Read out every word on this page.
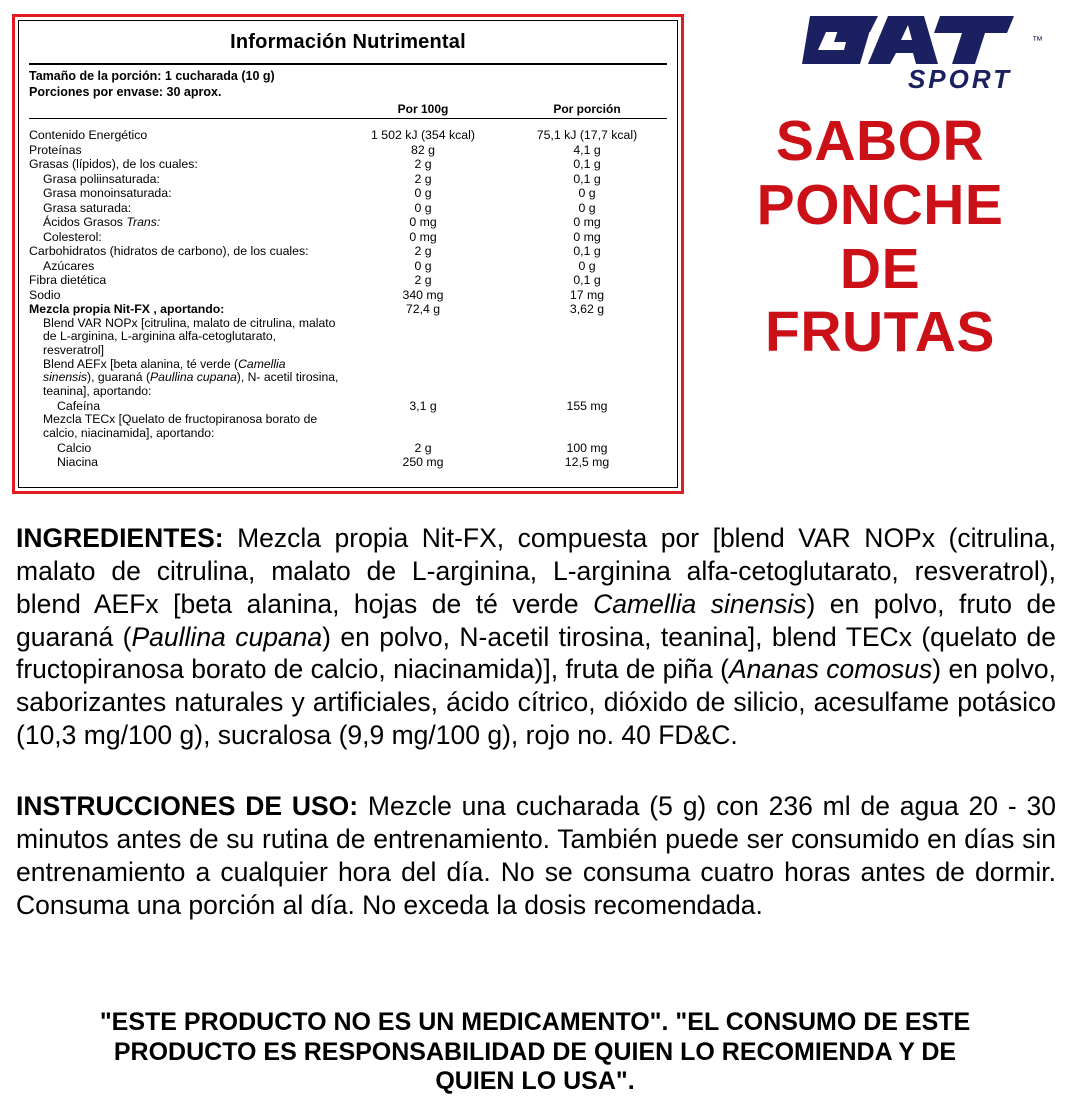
Información Nutrimental
Tamaño de la porción: 1 cucharada (10 g)
Porciones por envase: 30 aprox.
Por 100g	Por porción

Contenido Energético	1 502 kJ (354 kcal)	75,1 kJ (17,7 kcal)
Proteínas	82 g	4,1 g
Grasas (lípidos), de los cuales:	2 g	0,1 g
Grasa poliinsaturada:	2 g	0,1 g
Grasa monoinsaturada:	0 g	0 g
Grasa saturada:	0 g	0 g
Ácidos Grasos Trans:	0 mg	0 mg
Colesterol:	0 mg	0 mg
Carbohidratos (hidratos de carbono), de los cuales:	2 g	0,1 g
Azúcares	0 g	0 g
Fibra dietética	2 g	0,1 g
Sodio	340 mg	17 mg
Mezcla propia Nit-FX , aportando:	72,4 g	3,62 g
Blend VAR NOPx [citrulina, malato de citrulina, malato de L-arginina, L-arginina alfa-cetoglutarato, resveratrol]		
Blend AEFx [beta alanina, té verde (Camellia sinensis), guaraná (Paullina cupana), N- acetil tirosina, teanina], aportando:		
Cafeína	3,1 g	155 mg
Mezcla TECx [Quelato de fructopiranosa borato de calcio, niacinamida], aportando:		
Calcio	2 g	100 mg
Niacina	250 mg	12,5 mg
SPORT
™
SABOR
PONCHE
DE
FRUTAS
INGREDIENTES: Mezcla propia Nit-FX, compuesta por [blend VAR NOPx (citrulina, malato de citrulina, malato de L-arginina, L-arginina alfa-cetoglutarato, resveratrol), blend AEFx [beta alanina, hojas de té verde Camellia sinensis) en polvo, fruto de guaraná (Paullina cupana) en polvo, N-acetil tirosina, teanina], blend TECx (quelato de fructopiranosa borato de calcio, niacinamida)], fruta de piña (Ananas comosus) en polvo, saborizantes naturales y artificiales, ácido cítrico, dióxido de silicio, acesulfame potásico (10,3 mg/100 g), sucralosa (9,9 mg/100 g), rojo no. 40 FD&C.
INSTRUCCIONES DE USO: Mezcle una cucharada (5 g) con 236 ml de agua 20 - 30 minutos antes de su rutina de entrenamiento. También puede ser consumido en días sin entrenamiento a cualquier hora del día. No se consuma cuatro horas antes de dormir. Consuma una porción al día. No exceda la dosis recomendada.
"ESTE PRODUCTO NO ES UN MEDICAMENTO". "EL CONSUMO DE ESTE
PRODUCTO ES RESPONSABILIDAD DE QUIEN LO RECOMIENDA Y DE
QUIEN LO USA".
